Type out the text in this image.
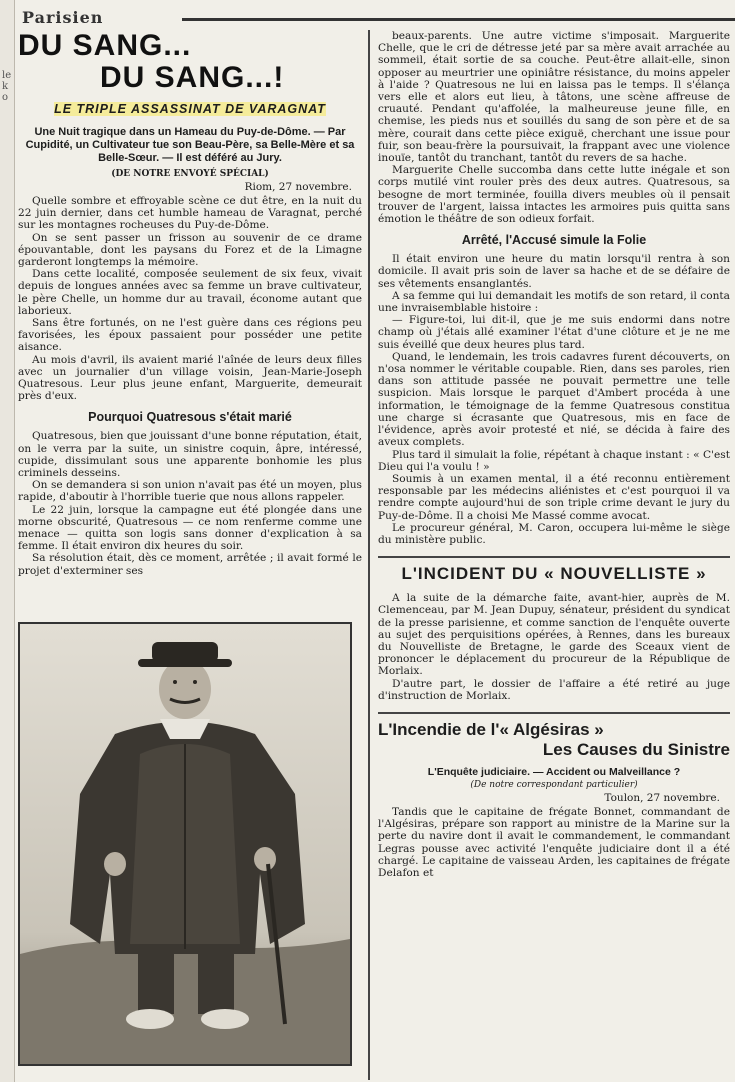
le k o
Parisien
DU SANG...
DU SANG...!
LE TRIPLE ASSASSINAT DE VARAGNAT
Une Nuit tragique dans un Hameau du Puy-de-Dôme. — Par Cupidité, un Cultivateur tue son Beau-Père, sa Belle-Mère et sa Belle-Sœur. — Il est déféré au Jury.
(DE NOTRE ENVOYÉ SPÉCIAL)
Riom, 27 novembre.

Quelle sombre et effroyable scène ce dut être, en la nuit du 22 juin dernier, dans cet humble hameau de Varagnat, perché sur les montagnes rocheuses du Puy-de-Dôme.

On se sent passer un frisson au souvenir de ce drame épouvantable, dont les paysans du Forez et de la Limagne garderont longtemps la mémoire.

Dans cette localité, composée seulement de six feux, vivait depuis de longues années avec sa femme un brave cultivateur, le père Chelle, un homme dur au travail, économe autant que laborieux.

Sans être fortunés, on ne l'est guère dans ces régions peu favorisées, les époux passaient pour posséder une petite aisance.

Au mois d'avril, ils avaient marié l'aînée de leurs deux filles avec un journalier d'un village voisin, Jean-Marie-Joseph Quatresous. Leur plus jeune enfant, Marguerite, demeurait près d'eux.

Pourquoi Quatresous s'était marié

Quatresous, bien que jouissant d'une bonne réputation, était, on le verra par la suite, un sinistre coquin, âpre, intéressé, cupide, dissimulant sous une apparente bonhomie les plus criminels desseins.

On se demandera si son union n'avait pas été un moyen, plus rapide, d'aboutir à l'horrible tuerie que nous allons rappeler.

Le 22 juin, lorsque la campagne eut été plongée dans une morne obscurité, Quatresous — ce nom renferme comme une menace — quitta son logis sans donner d'explication à sa femme. Il était environ dix heures du soir.

Sa résolution était, dès ce moment, arrêtée ; il avait formé le projet d'exterminer ses

beaux-parents. Une autre victime s'imposait. Marguerite Chelle, que le cri de détresse jeté par sa mère avait arrachée au sommeil, était sortie de sa couche. Peut-être allait-elle, sinon opposer au meurtrier une opiniâtre résistance, du moins appeler à l'aide ? Quatresous ne lui en laissa pas le temps. Il s'élança vers elle et alors eut lieu, à tâtons, une scène affreuse de cruauté. Pendant qu'affolée, la malheureuse jeune fille, en chemise, les pieds nus et souillés du sang de son père et de sa mère, courait dans cette pièce exiguë, cherchant une issue pour fuir, son beau-frère la poursuivait, la frappant avec une violence inouïe, tantôt du tranchant, tantôt du revers de sa hache.

Marguerite Chelle succomba dans cette lutte inégale et son corps mutilé vint rouler près des deux autres. Quatresous, sa besogne de mort terminée, fouilla divers meubles où il pensait trouver de l'argent, laissa intactes les armoires puis quitta sans émotion le théâtre de son odieux forfait.

Arrêté, l'Accusé simule la Folie

Il était environ une heure du matin lorsqu'il rentra à son domicile. Il avait pris soin de laver sa hache et de se défaire de ses vêtements ensanglantés.

A sa femme qui lui demandait les motifs de son retard, il conta une invraisemblable histoire :

— Figure-toi, lui dit-il, que je me suis endormi dans notre champ où j'étais allé examiner l'état d'une clôture et je ne me suis éveillé que deux heures plus tard.

Quand, le lendemain, les trois cadavres furent découverts, on n'osa nommer le véritable coupable. Rien, dans ses paroles, rien dans son attitude passée ne pouvait permettre une telle suspicion. Mais lorsque le parquet d'Ambert procéda à une information, le témoignage de la femme Quatresous constitua une charge si écrasante que Quatresous, mis en face de l'évidence, après avoir protesté et nié, se décida à faire des aveux complets.

Plus tard il simulait la folie, répétant à chaque instant : « C'est Dieu qui l'a voulu ! »

Soumis à un examen mental, il a été reconnu entièrement responsable par les médecins aliénistes et c'est pourquoi il va rendre compte aujourd'hui de son triple crime devant le jury du Puy-de-Dôme. Il a choisi Me Massé comme avocat.

Le procureur général, M. Caron, occupera lui-même le siège du ministère public.

L'INCIDENT DU « NOUVELLISTE »

A la suite de la démarche faite, avant-hier, auprès de M. Clemenceau, par M. Jean Dupuy, sénateur, président du syndicat de la presse parisienne, et comme sanction de l'enquête ouverte au sujet des perquisitions opérées, à Rennes, dans les bureaux du Nouvelliste de Bretagne, le garde des Sceaux vient de prononcer le déplacement du procureur de la République de Morlaix.

D'autre part, le dossier de l'affaire a été retiré au juge d'instruction de Morlaix.

L'Incendie de l'« Algésiras »
Les Causes du Sinistre
L'Enquête judiciaire. — Accident ou Malveillance ?
(De notre correspondant particulier)
Toulon, 27 novembre.

Tandis que le capitaine de frégate Bonnet, commandant de l'Algésiras, prépare son rapport au ministre de la Marine sur la perte du navire dont il avait le commandement, le commandant Legras pousse avec activité l'enquête judiciaire dont il a été chargé. Le capitaine de vaisseau Arden, les capitaines de frégate Delafon et
